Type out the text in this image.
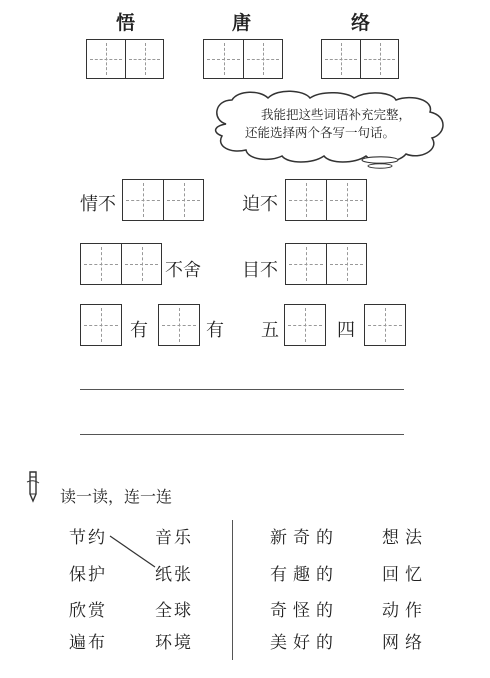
悟	唐	络
我能把这些词语补充完整，
还能选择两个各写一句话。
情不	迫不
不舍 目不
有	有 五	四
读一读，连一连
节约
保护
欣赏
遍布
音乐
纸张
全球
环境
新奇的
有趣的
奇怪的
美好的
想法
回忆
动作
网络
